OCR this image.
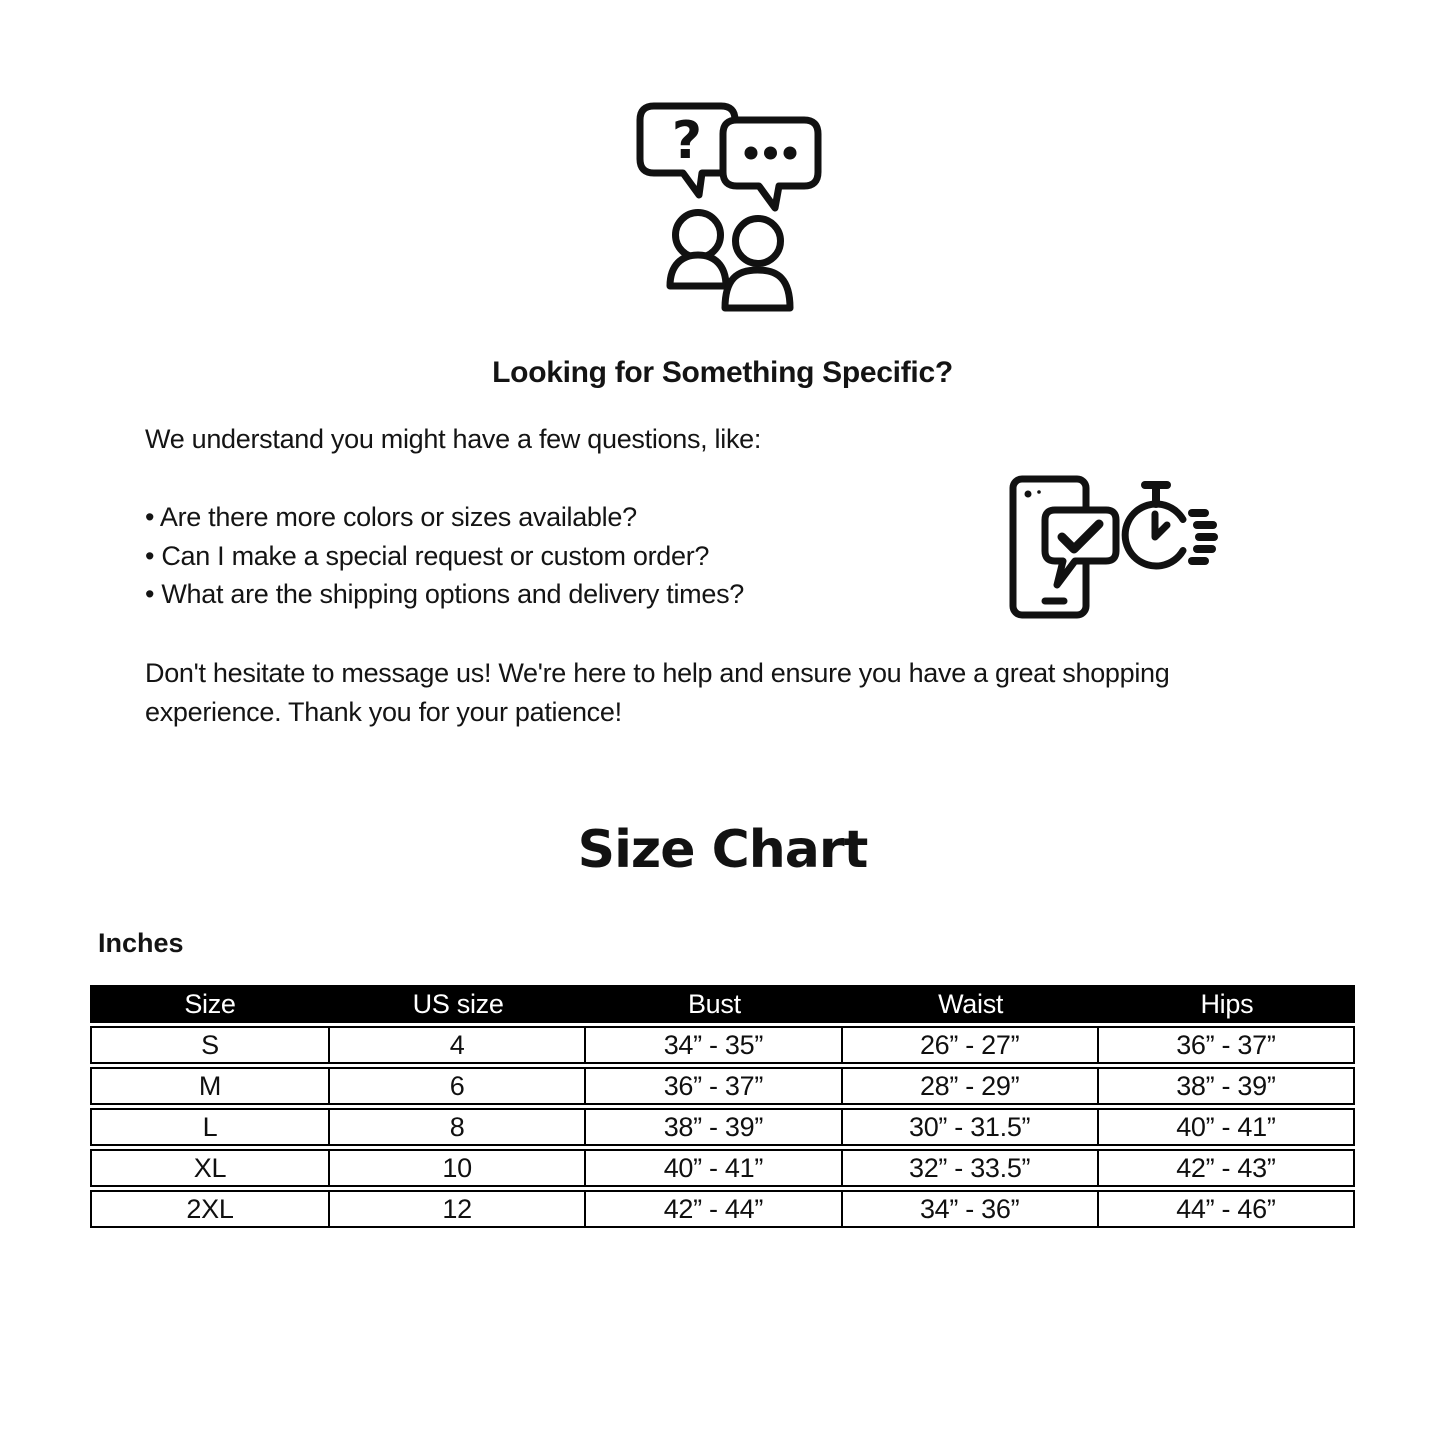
?
Looking for Something Specific?
We understand you might have a few questions, like:
• Are there more colors or sizes available?
• Can I make a special request or custom order?
• What are the shipping options and delivery times?
Don't hesitate to message us! We're here to help and ensure you have a great shopping
experience. Thank you for your patience!
Size Chart
Inches
Size	US size	Bust	Waist	Hips
S	4	34” - 35”	26” - 27”	36” - 37”
M	6	36” - 37”	28” - 29”	38” - 39”
L	8	38” - 39”	30” - 31.5”	40” - 41”
XL	10	40” - 41”	32” - 33.5”	42” - 43”
2XL	12	42” - 44”	34” - 36”	44” - 46”
